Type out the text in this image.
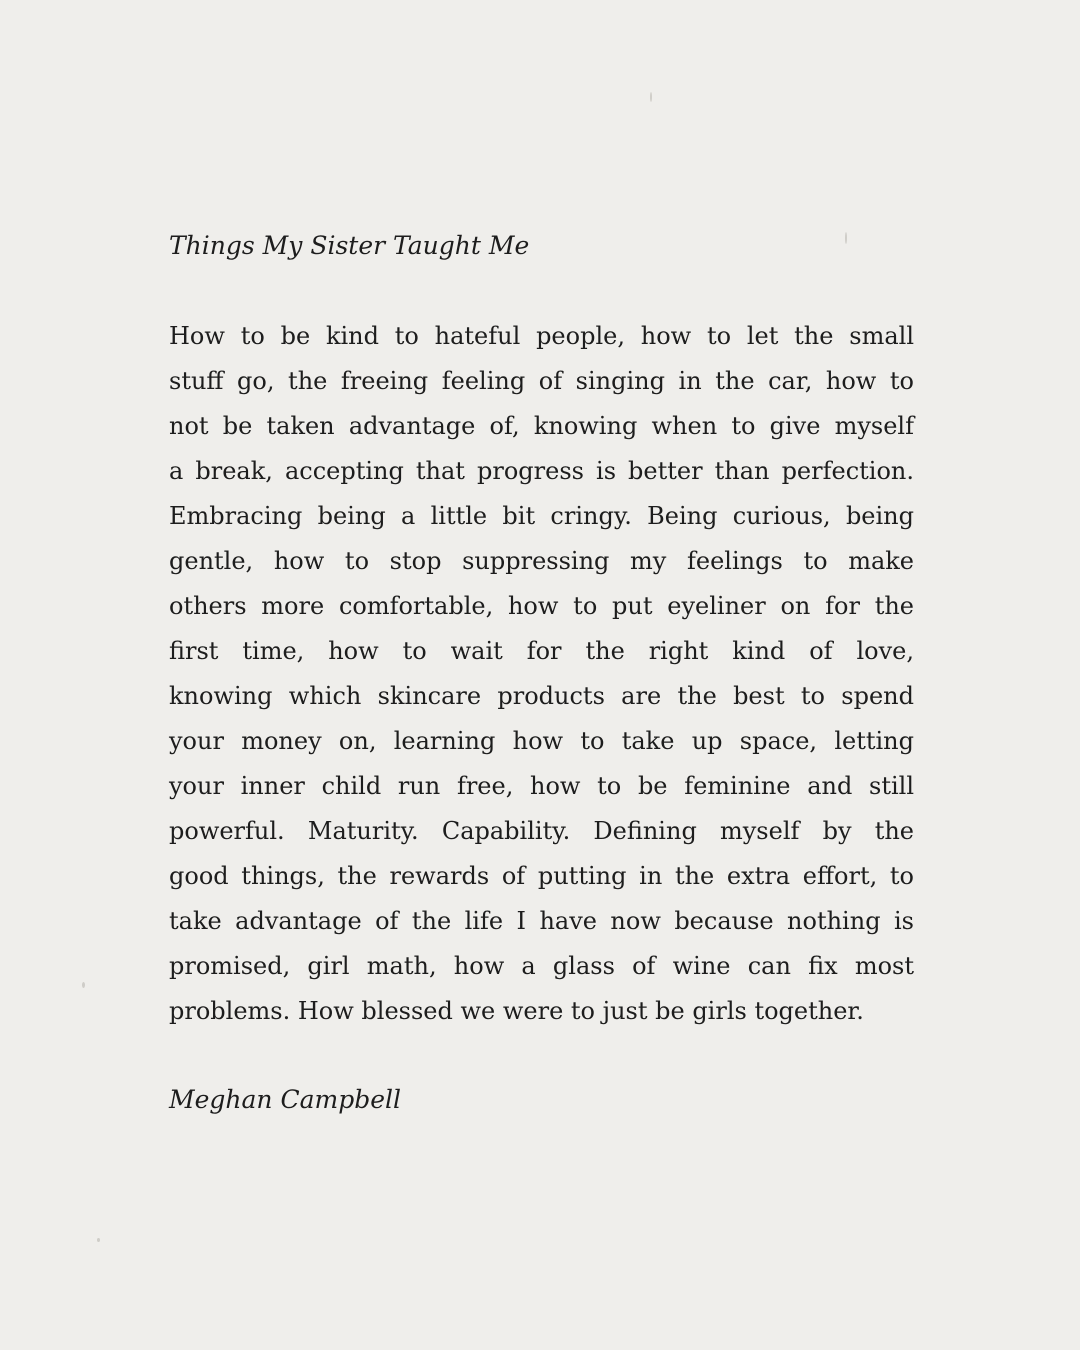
Things My Sister Taught Me
How to be kind to hateful people, how to let the small
stuff go, the freeing feeling of singing in the car, how to
not be taken advantage of, knowing when to give myself
a break, accepting that progress is better than perfection.
Embracing being a little bit cringy. Being curious, being
gentle, how to stop suppressing my feelings to make
others more comfortable, how to put eyeliner on for the
first time, how to wait for the right kind of love,
knowing which skincare products are the best to spend
your money on, learning how to take up space, letting
your inner child run free, how to be feminine and still
powerful. Maturity. Capability. Defining myself by the
good things, the rewards of putting in the extra effort, to
take advantage of the life I have now because nothing is
promised, girl math, how a glass of wine can fix most
problems. How blessed we were to just be girls together.

Meghan Campbell
